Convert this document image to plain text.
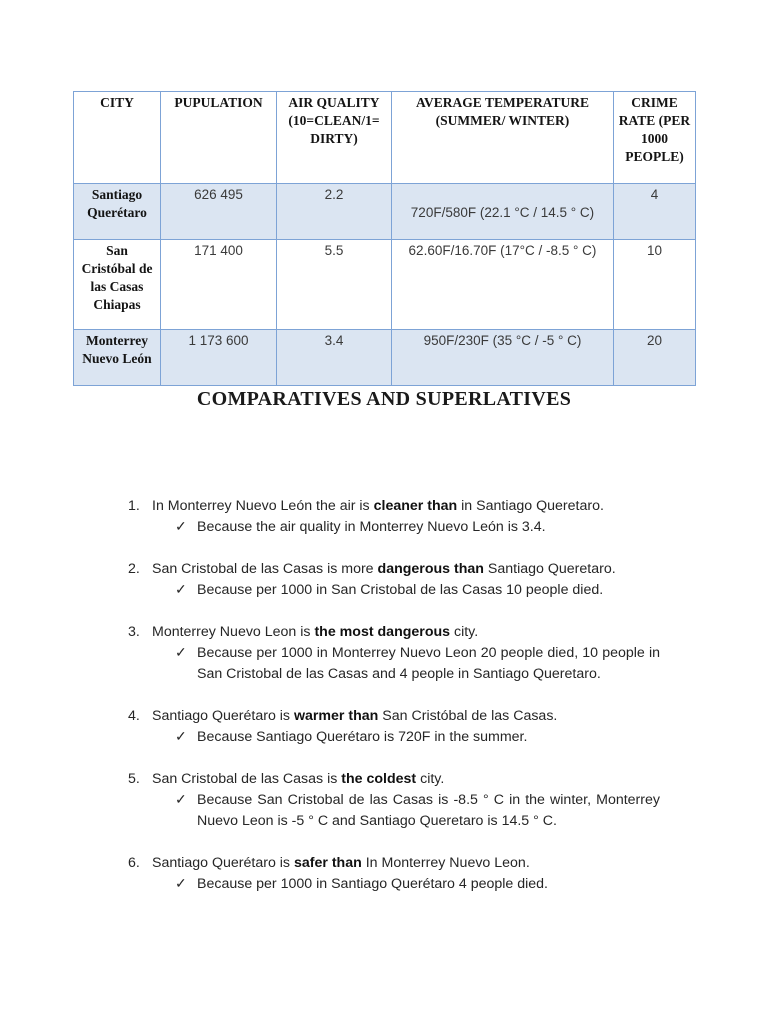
CITY	PUPULATION	AIR QUALITY (10=CLEAN/1= DIRTY)	AVERAGE TEMPERATURE (SUMMER/ WINTER)	CRIME RATE (PER 1000 PEOPLE)
Santiago Querétaro	626 495	2.2	720F/580F (22.1 °C / 14.5 ° C)	4
San Cristóbal de las Casas Chiapas	171 400	5.5	62.60F/16.70F (17°C / -8.5 ° C)	10
Monterrey Nuevo León	1 173 600	3.4	950F/230F (35 °C / -5 ° C)	20
COMPARATIVES AND SUPERLATIVES
1. In Monterrey Nuevo León the air is cleaner than in Santiago Queretaro.
✓ Because the air quality in Monterrey Nuevo León is 3.4.
2. San Cristobal de las Casas is more dangerous than Santiago Queretaro.
✓ Because per 1000 in San Cristobal de las Casas 10 people died.
3. Monterrey Nuevo Leon is the most dangerous city.
✓ Because per 1000 in Monterrey Nuevo Leon 20 people died, 10 people in San Cristobal de las Casas and 4 people in Santiago Queretaro.
4. Santiago Querétaro is warmer than San Cristóbal de las Casas.
✓ Because Santiago Querétaro is 720F in the summer.
5. San Cristobal de las Casas is the coldest city.
✓ Because San Cristobal de las Casas is -8.5 ° C in the winter, Monterrey Nuevo Leon is -5 ° C and Santiago Queretaro is 14.5 ° C.
6. Santiago Querétaro is safer than In Monterrey Nuevo Leon.
✓ Because per 1000 in Santiago Querétaro 4 people died.
